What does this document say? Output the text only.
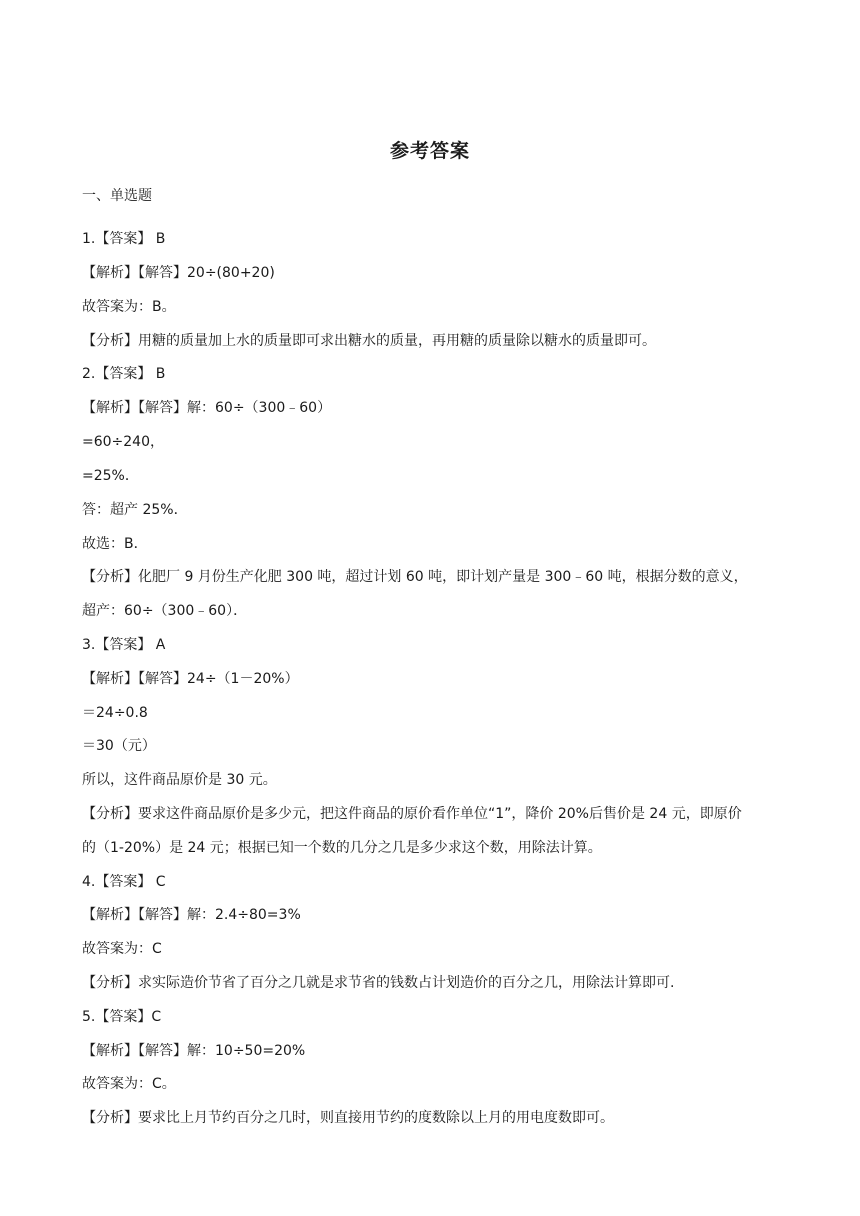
参考答案
一、单选题
1.【答案】 B
【解析】【解答】20÷(80+20)
故答案为：B。
【分析】用糖的质量加上水的质量即可求出糖水的质量，再用糖的质量除以糖水的质量即可。
2.【答案】 B
【解析】【解答】解：60÷（300﹣60）
=60÷240，
=25%．
答：超产 25%．
故选：B．
【分析】化肥厂 9 月份生产化肥 300 吨，超过计划 60 吨，即计划产量是 300﹣60 吨，根据分数的意义，
超产：60÷（300﹣60）．
3.【答案】 A
【解析】【解答】24÷（1－20%）
＝24÷0.8
＝30（元）
所以，这件商品原价是 30 元。
【分析】要求这件商品原价是多少元，把这件商品的原价看作单位“1”，降价 20%后售价是 24 元，即原价
的（1-20%）是 24 元；根据已知一个数的几分之几是多少求这个数，用除法计算。
4.【答案】 C
【解析】【解答】解：2.4÷80=3%
故答案为：C
【分析】求实际造价节省了百分之几就是求节省的钱数占计划造价的百分之几，用除法计算即可.
5.【答案】C
【解析】【解答】解：10÷50=20%
故答案为：C。
【分析】要求比上月节约百分之几时，则直接用节约的度数除以上月的用电度数即可。
